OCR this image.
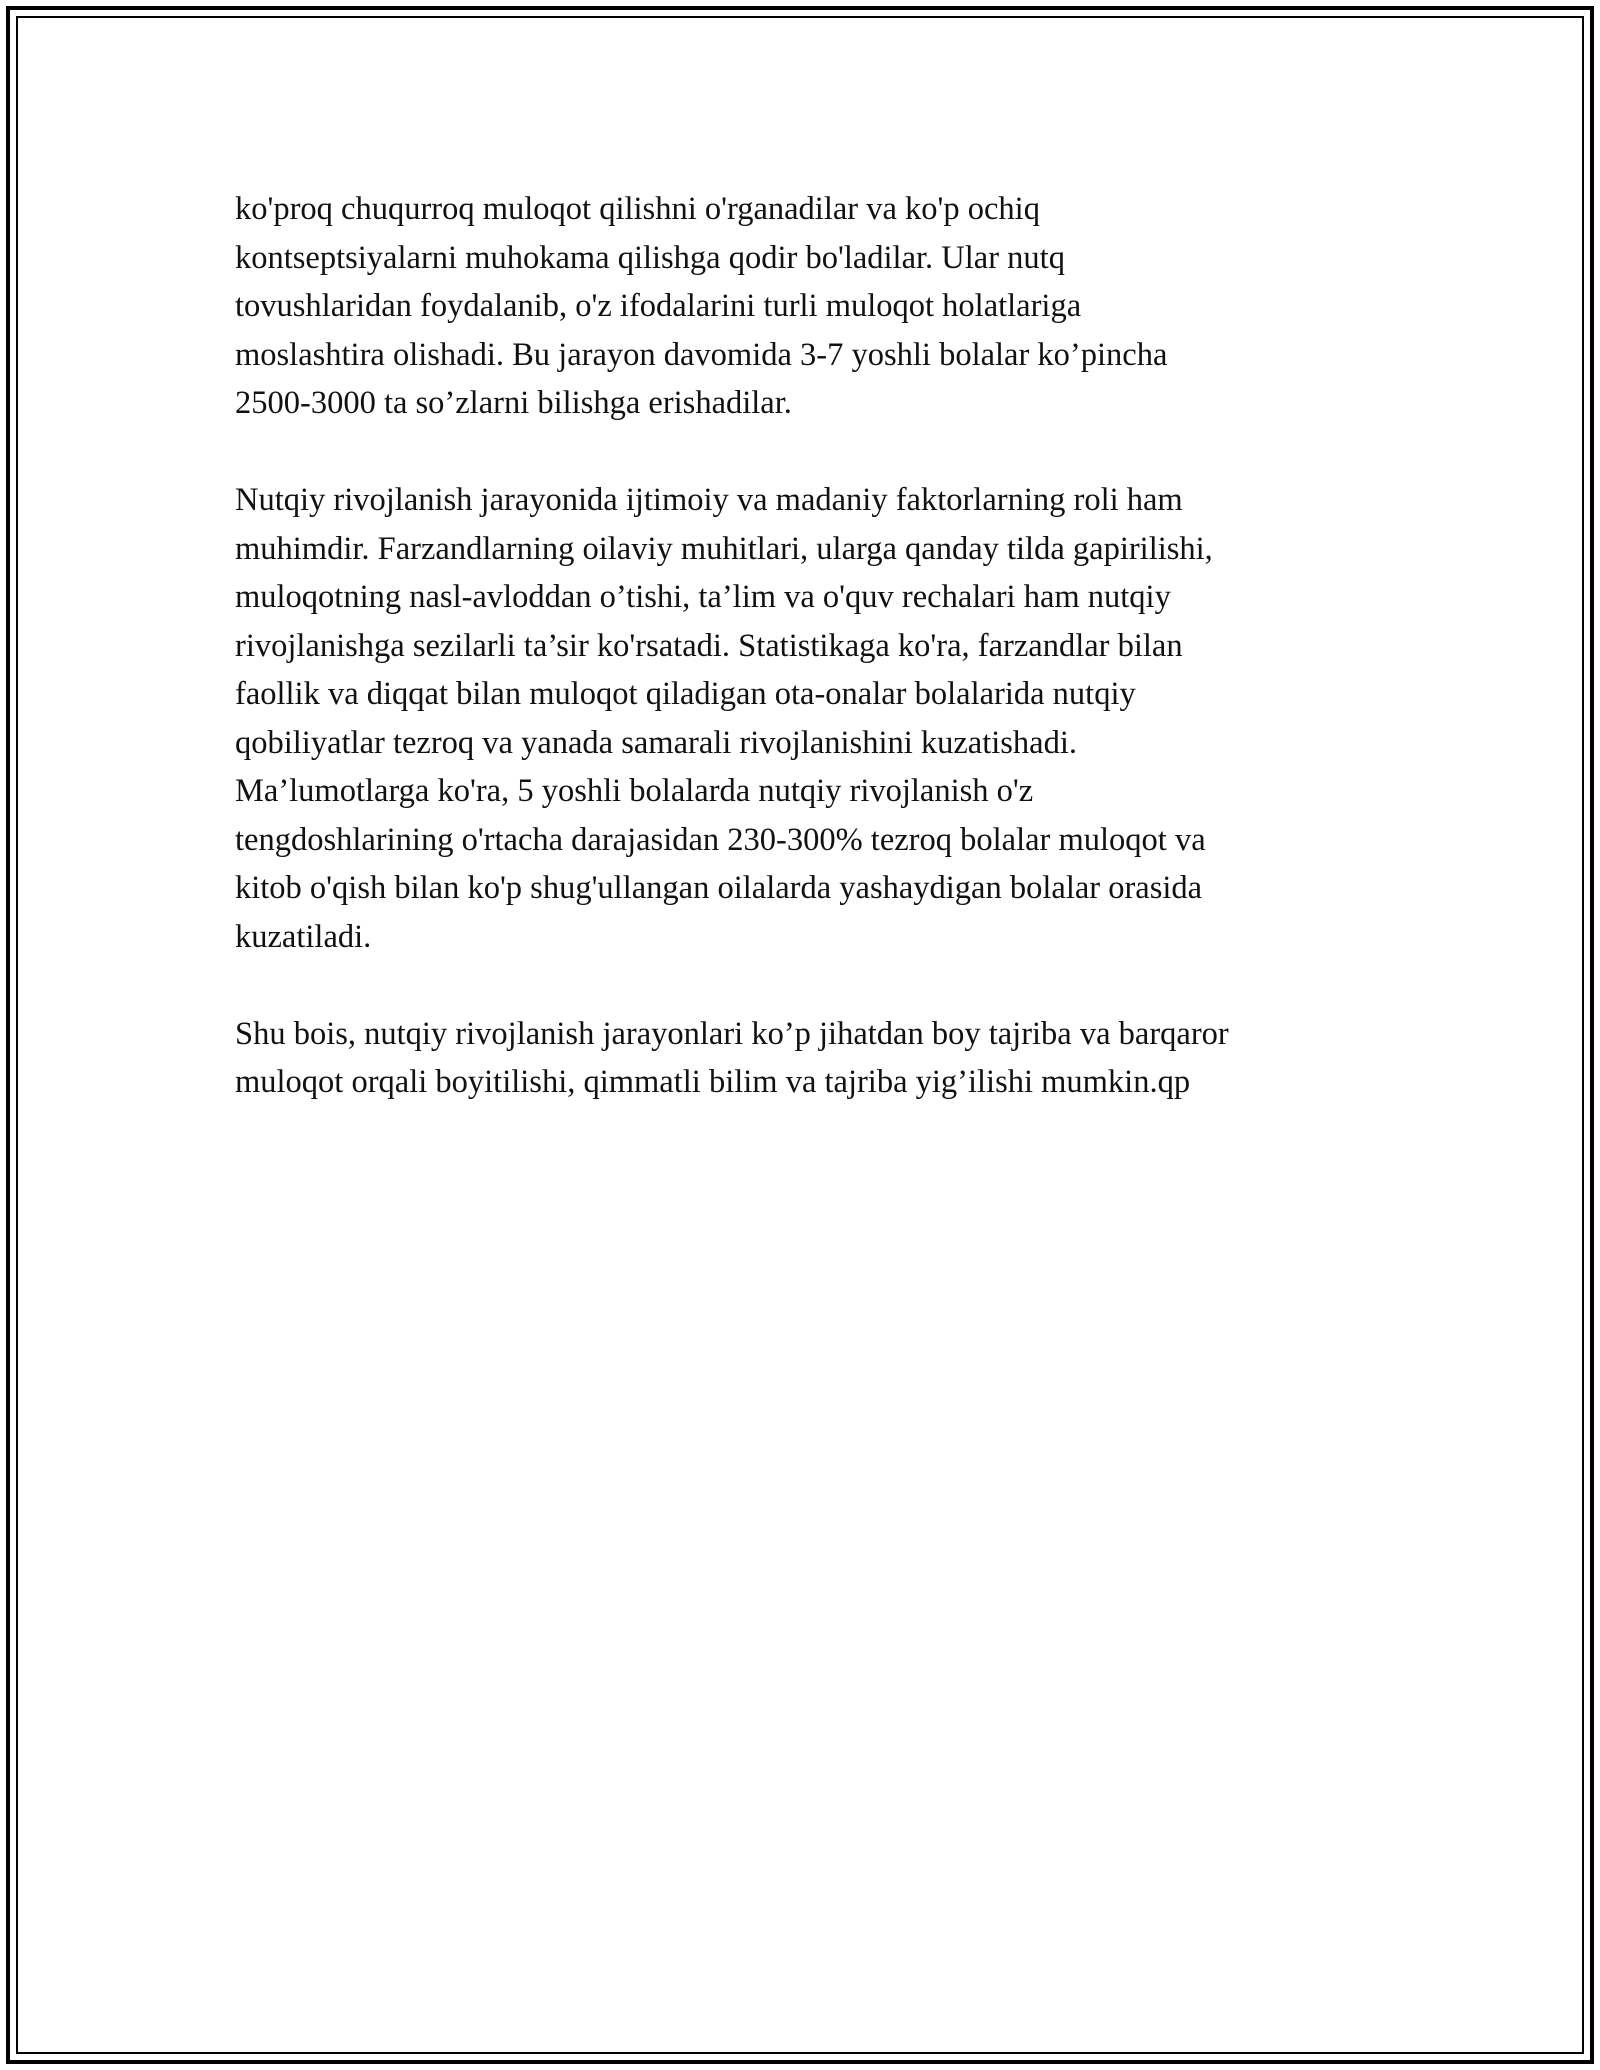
ko'proq chuqurroq muloqot qilishni o'rganadilar va ko'p ochiq
kontseptsiyalarni muhokama qilishga qodir bo'ladilar. Ular nutq
tovushlaridan foydalanib, o'z ifodalarini turli muloqot holatlariga
moslashtira olishadi. Bu jarayon davomida 3-7 yoshli bolalar ko’pincha
2500-3000 ta so’zlarni bilishga erishadilar.

Nutqiy rivojlanish jarayonida ijtimoiy va madaniy faktorlarning roli ham
muhimdir. Farzandlarning oilaviy muhitlari, ularga qanday tilda gapirilishi,
muloqotning nasl-avloddan o’tishi, ta’lim va o'quv rechalari ham nutqiy
rivojlanishga sezilarli ta’sir ko'rsatadi. Statistikaga ko'ra, farzandlar bilan
faollik va diqqat bilan muloqot qiladigan ota-onalar bolalarida nutqiy
qobiliyatlar tezroq va yanada samarali rivojlanishini kuzatishadi.
Ma’lumotlarga ko'ra, 5 yoshli bolalarda nutqiy rivojlanish o'z
tengdoshlarining o'rtacha darajasidan 230-300% tezroq bolalar muloqot va
kitob o'qish bilan ko'p shug'ullangan oilalarda yashaydigan bolalar orasida
kuzatiladi.

Shu bois, nutqiy rivojlanish jarayonlari ko’p jihatdan boy tajriba va barqaror
muloqot orqali boyitilishi, qimmatli bilim va tajriba yig’ilishi mumkin.qp
